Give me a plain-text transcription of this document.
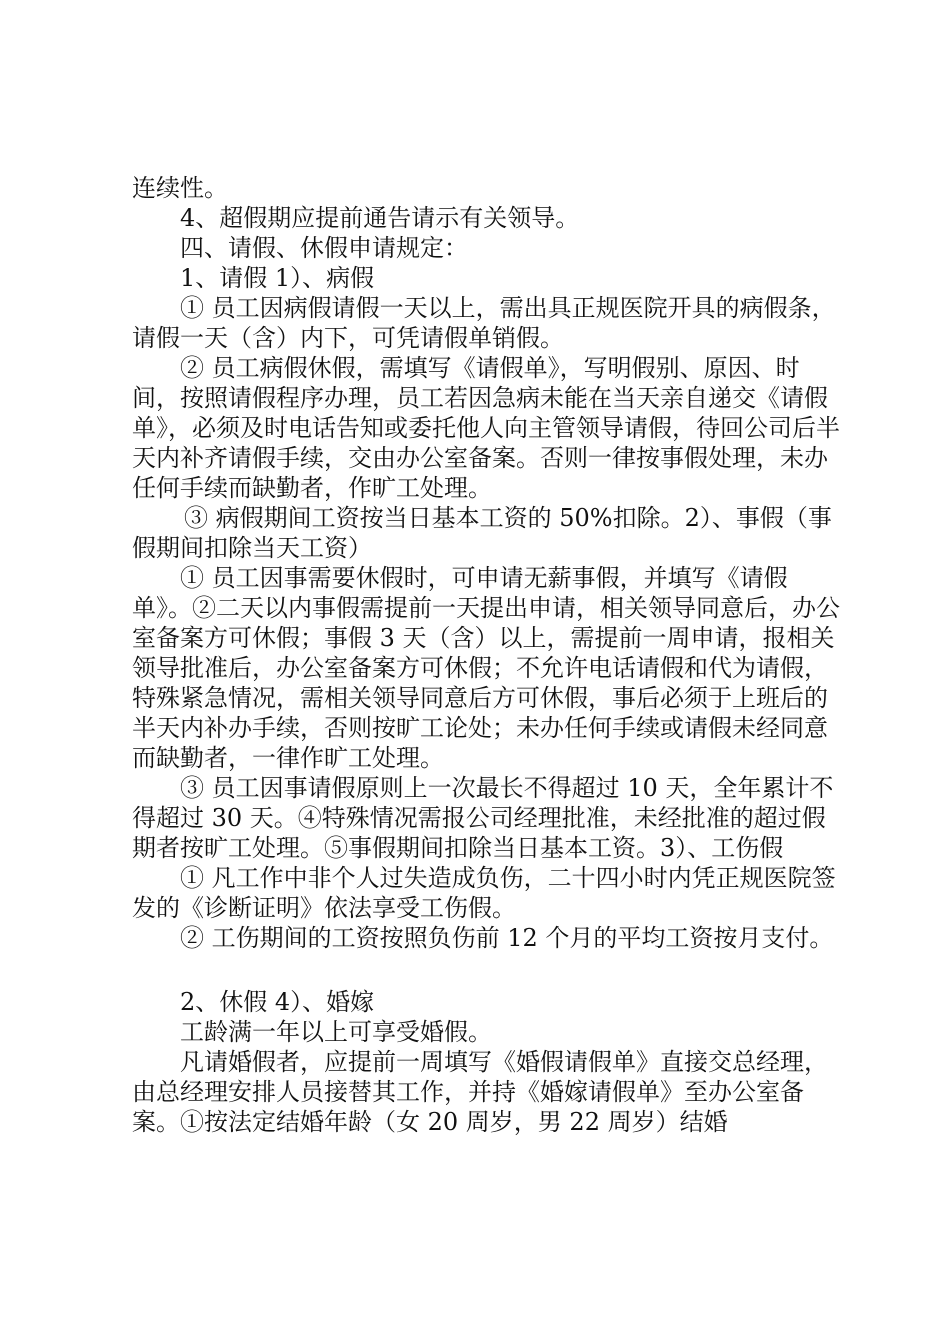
连续性。

4、超假期应提前通告请示有关领导。

四、请假、休假申请规定：

1、请假 1）、病假

① 员工因病假请假一天以上，需出具正规医院开具的病假条，请假一天（含）内下，可凭请假单销假。

② 员工病假休假，需填写《请假单》，写明假别、原因、时间，按照请假程序办理，员工若因急病未能在当天亲自递交《请假单》，必须及时电话告知或委托他人向主管领导请假，待回公司后半天内补齐请假手续，交由办公室备案。否则一律按事假处理，未办任何手续而缺勤者，作旷工处理。

③ 病假期间工资按当日基本工资的 50%扣除。2）、事假（事假期间扣除当天工资）

① 员工因事需要休假时，可申请无薪事假，并填写《请假单》。②二天以内事假需提前一天提出申请，相关领导同意后，办公室备案方可休假；事假 3 天（含）以上，需提前一周申请，报相关领导批准后，办公室备案方可休假；不允许电话请假和代为请假，特殊紧急情况，需相关领导同意后方可休假，事后必须于上班后的半天内补办手续，否则按旷工论处；未办任何手续或请假未经同意而缺勤者，一律作旷工处理。

③ 员工因事请假原则上一次最长不得超过 10 天，全年累计不得超过 30 天。④特殊情况需报公司经理批准，未经批准的超过假期者按旷工处理。⑤事假期间扣除当日基本工资。3）、工伤假

① 凡工作中非个人过失造成负伤，二十四小时内凭正规医院签发的《诊断证明》依法享受工伤假。

② 工伤期间的工资按照负伤前 12 个月的平均工资按月支付。

2、休假 4）、婚嫁

工龄满一年以上可享受婚假。

凡请婚假者，应提前一周填写《婚假请假单》直接交总经理，由总经理安排人员接替其工作，并持《婚嫁请假单》至办公室备案。①按法定结婚年龄（女 20 周岁，男 22 周岁）结婚
